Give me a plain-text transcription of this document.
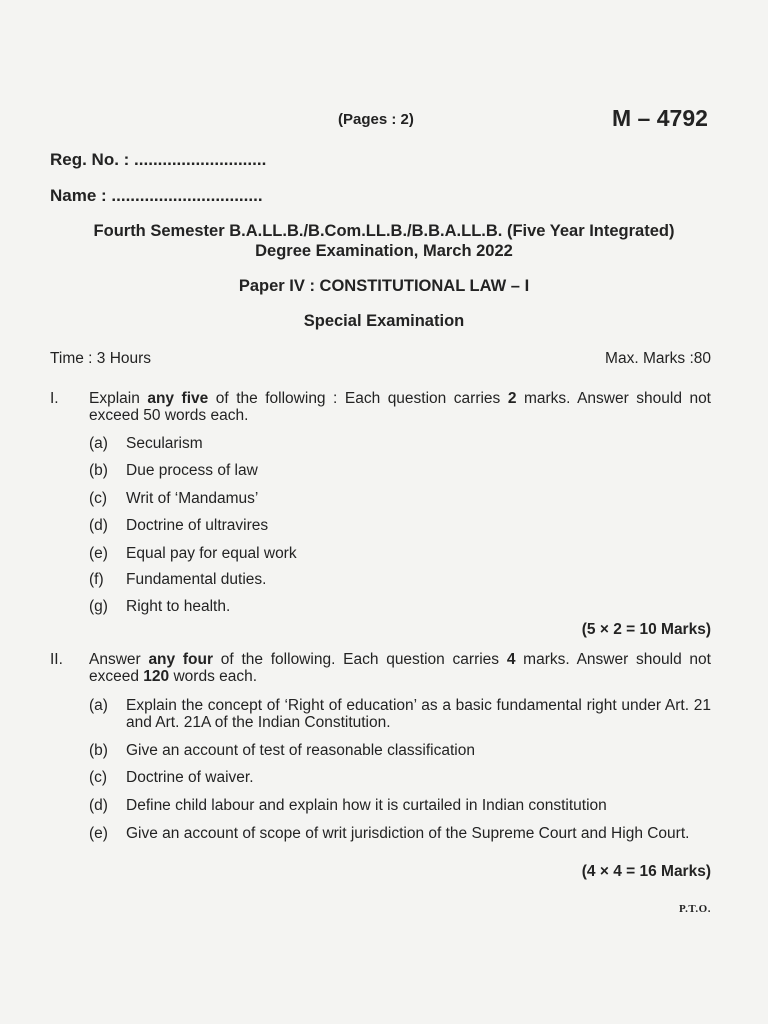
(Pages : 2)	M – 4792
Reg. No. : ............................
Name : ................................
Fourth Semester B.A.LL.B./B.Com.LL.B./B.B.A.LL.B. (Five Year Integrated)
Degree Examination, March 2022
Paper IV : CONSTITUTIONAL LAW – I
Special Examination
Time : 3 Hours	Max. Marks :80
I. Explain any five of the following : Each question carries 2 marks. Answer should not exceed 50 words each.
(a) Secularism
(b) Due process of law
(c) Writ of ‘Mandamus’
(d) Doctrine of ultravires
(e) Equal pay for equal work
(f) Fundamental duties.
(g) Right to health.
(5 × 2 = 10 Marks)
II. Answer any four of the following. Each question carries 4 marks. Answer should not exceed 120 words each.
(a) Explain the concept of ‘Right of education’ as a basic fundamental right under Art. 21 and Art. 21A of the Indian Constitution.
(b) Give an account of test of reasonable classification
(c) Doctrine of waiver.
(d) Define child labour and explain how it is curtailed in Indian constitution
(e) Give an account of scope of writ jurisdiction of the Supreme Court and High Court.
(4 × 4 = 16 Marks)
P.T.O.
